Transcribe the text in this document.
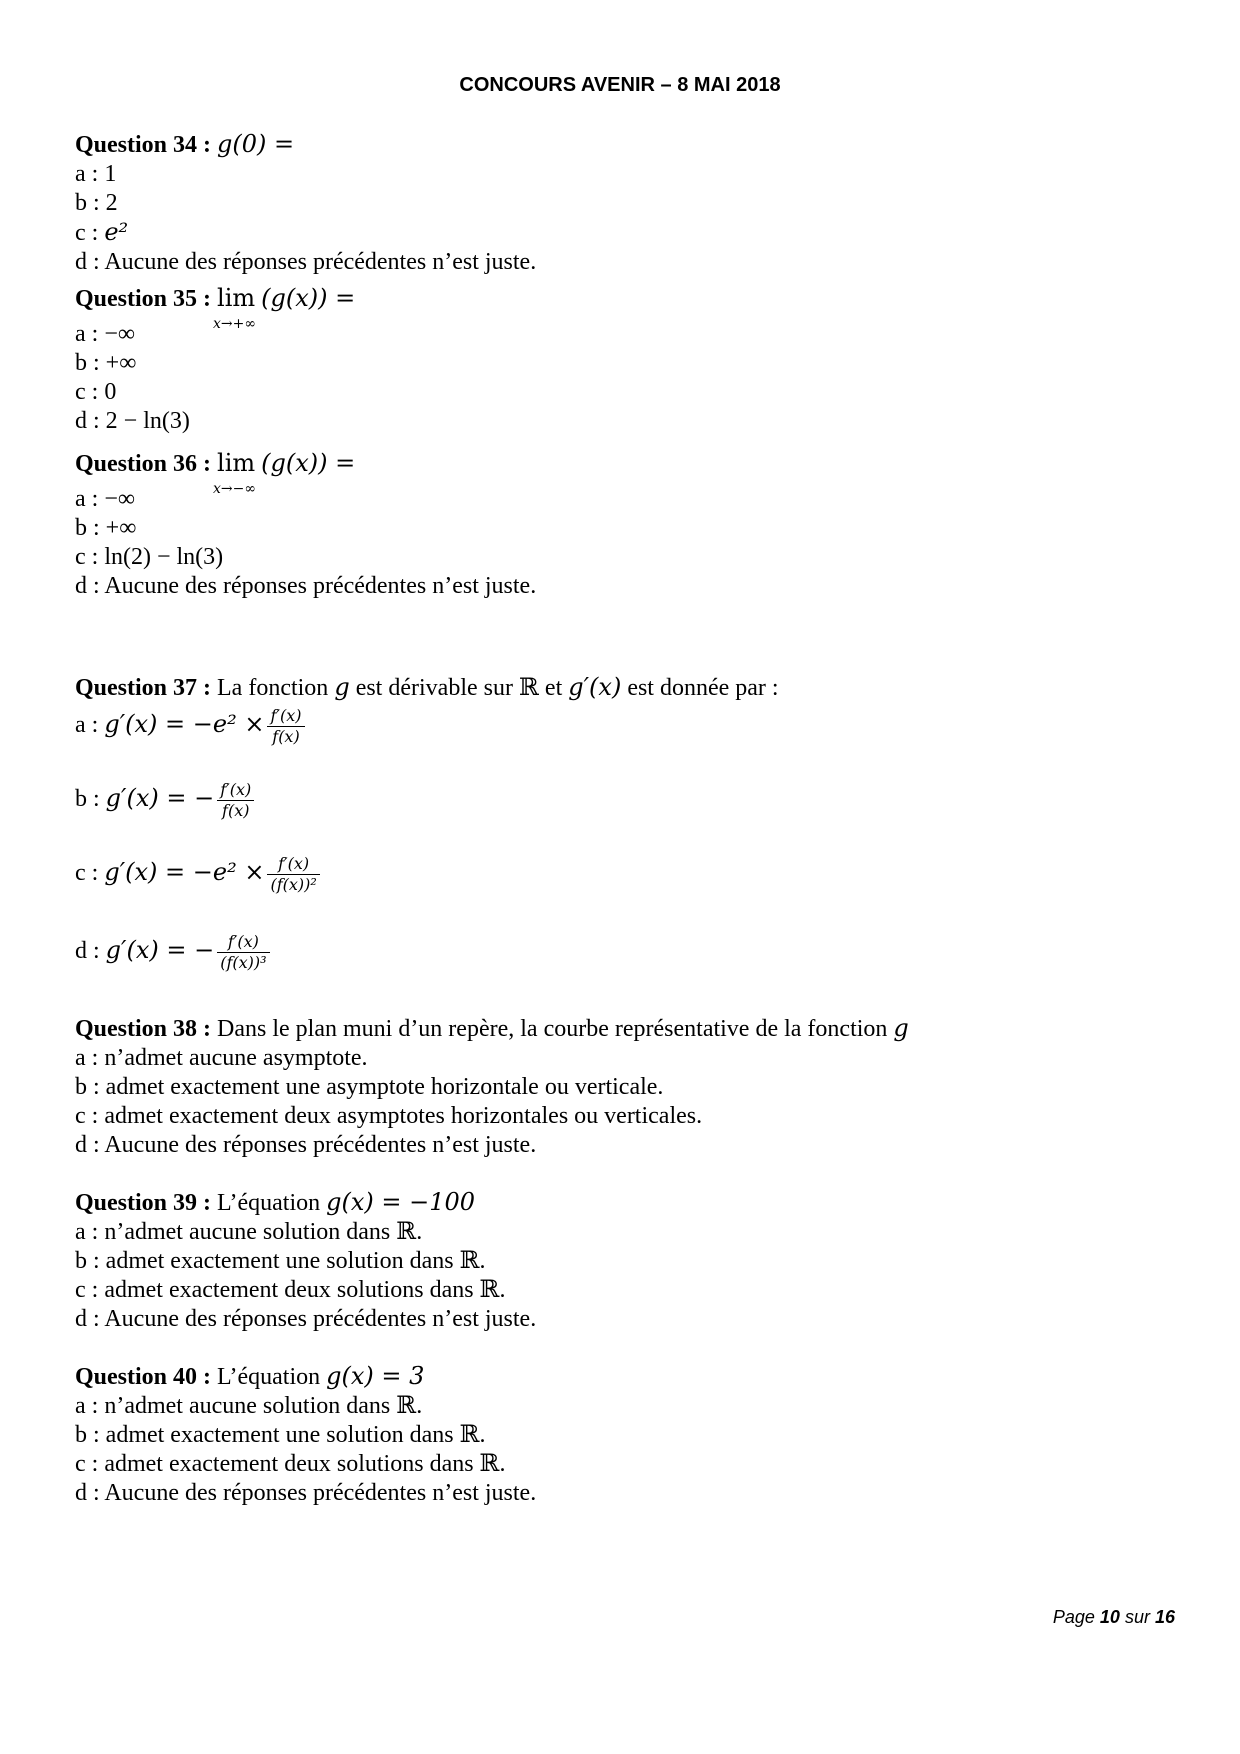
CONCOURS AVENIR – 8 MAI 2018
Question 34 : g(0) =
a : 1
b : 2
c : e²
d : Aucune des réponses précédentes n’est juste.
Question 35 : lim
x→+∞
(g(x)) =
a : −∞
b : +∞
c : 0
d : 2 − ln(3)
Question 36 : lim
x→−∞
(g(x)) =
a : −∞
b : +∞
c : ln(2) − ln(3)
d : Aucune des réponses précédentes n’est juste.
Question 37 : La fonction g est dérivable sur ℝ et g′(x) est donnée par :
a : $g'(x) = -e^2 \times \frac{f'(x)}{f(x)}$
b : g′(x) = − $\frac{f'(x)}{f(x)}$
c : $g'(x) = -e^2 \times \frac{f'(x)}{\text{(f(x))²}}$
d : g′(x) = − $\frac{f'(x)}{\text{(f(x))³}}$
Question 38 : Dans le plan muni d’un repère, la courbe représentative de la fonction g
a : n’admet aucune asymptote.
b : admet exactement une asymptote horizontale ou verticale.
c : admet exactement deux asymptotes horizontales ou verticales.
d : Aucune des réponses précédentes n’est juste.
Question 39 : L’équation g(x) = −100
a : n’admet aucune solution dans ℝ.
b : admet exactement une solution dans ℝ.
c : admet exactement deux solutions dans ℝ.
d : Aucune des réponses précédentes n’est juste.
Question 40 : L’équation g(x) = 3
a : n’admet aucune solution dans ℝ.
b : admet exactement une solution dans ℝ.
c : admet exactement deux solutions dans ℝ.
d : Aucune des réponses précédentes n’est juste.
Page 10 sur 16
